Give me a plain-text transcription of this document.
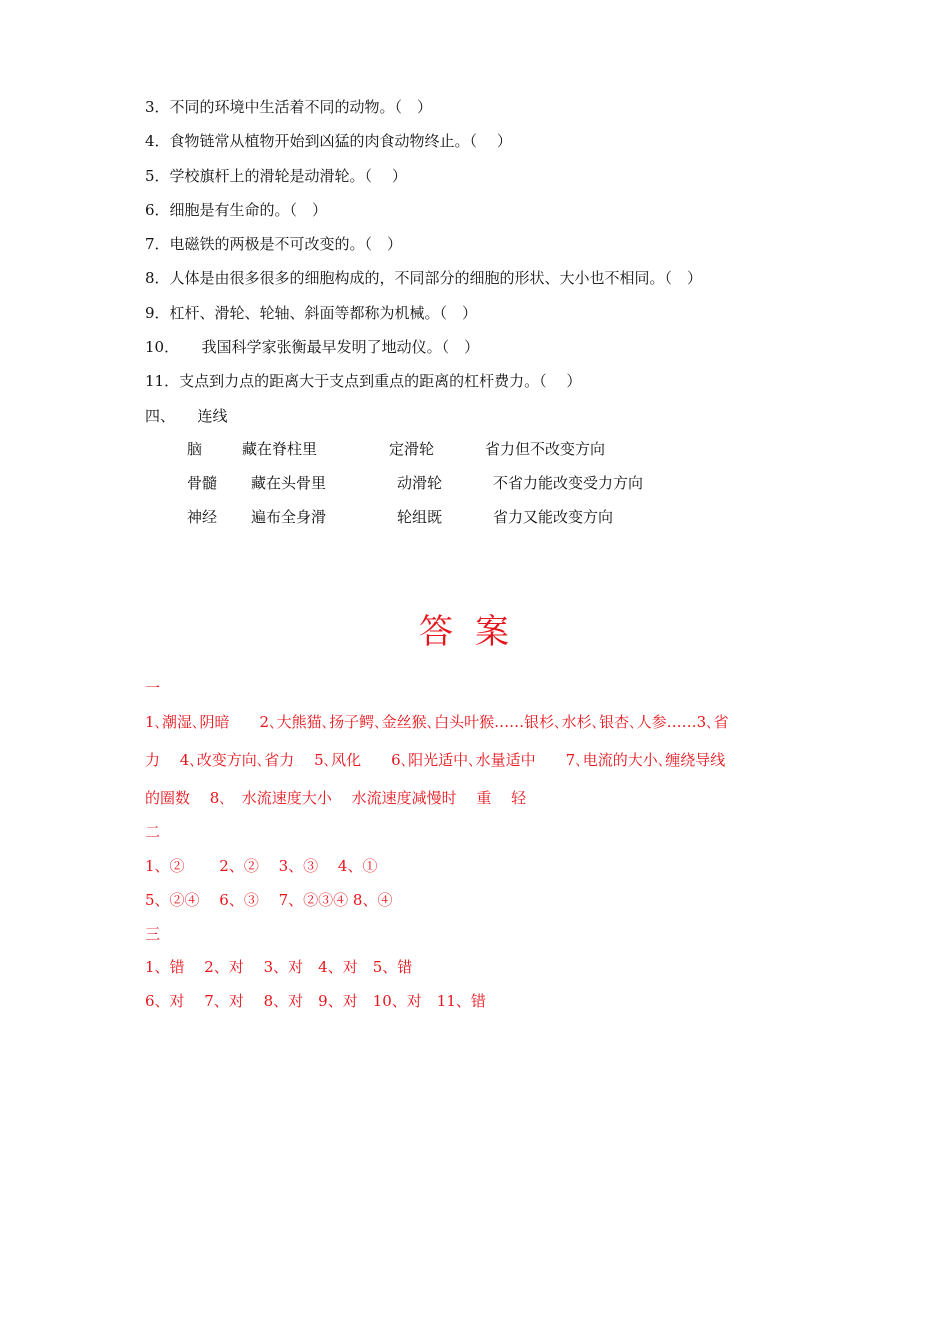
3．不同的环境中生活着不同的动物。（　）
4．食物链常从植物开始到凶猛的肉食动物终止。（　 ）
5．学校旗杆上的滑轮是动滑轮。（　 ）
6．细胞是有生命的。（　）
7．电磁铁的两极是不可改变的。（　）
8．人体是由很多很多的细胞构成的，不同部分的细胞的形状、大小也不相同。（　）
9．杠杆、滑轮、轮轴、斜面等都称为机械。（　）
10．　　我国科学家张衡最早发明了地动仪。（　）
11．支点到力点的距离大于支点到重点的距离的杠杆费力。（　 ）
四、　　连线
脑	藏在脊柱里	定滑轮	省力但不改变方向
骨髓 藏在头骨里	动滑轮	不省力能改变受力方向
神经 遍布全身滑	轮组既	省力又能改变方向
答案
一
1､潮湿､阴暗　　2､大熊猫､扬子鳄､金丝猴､白头叶猴……银杉､水杉､银杏､人参……3､省
力　 4､改变方向､省力　 5､风化　　6､阳光适中､水量适中　　7､电流的大小､缠绕导线
的圈数　 8､　水流速度大小　 水流速度减慢时　 重　 轻
二
1、②　　 2、②　 3、③　 4、①
5、②④　 6、③　 7、②③④ 8、④
三
1、错　 2、对　 3、对　4、对　5、错
6、对　 7、对　 8、对　9、对　10、对　11、错
